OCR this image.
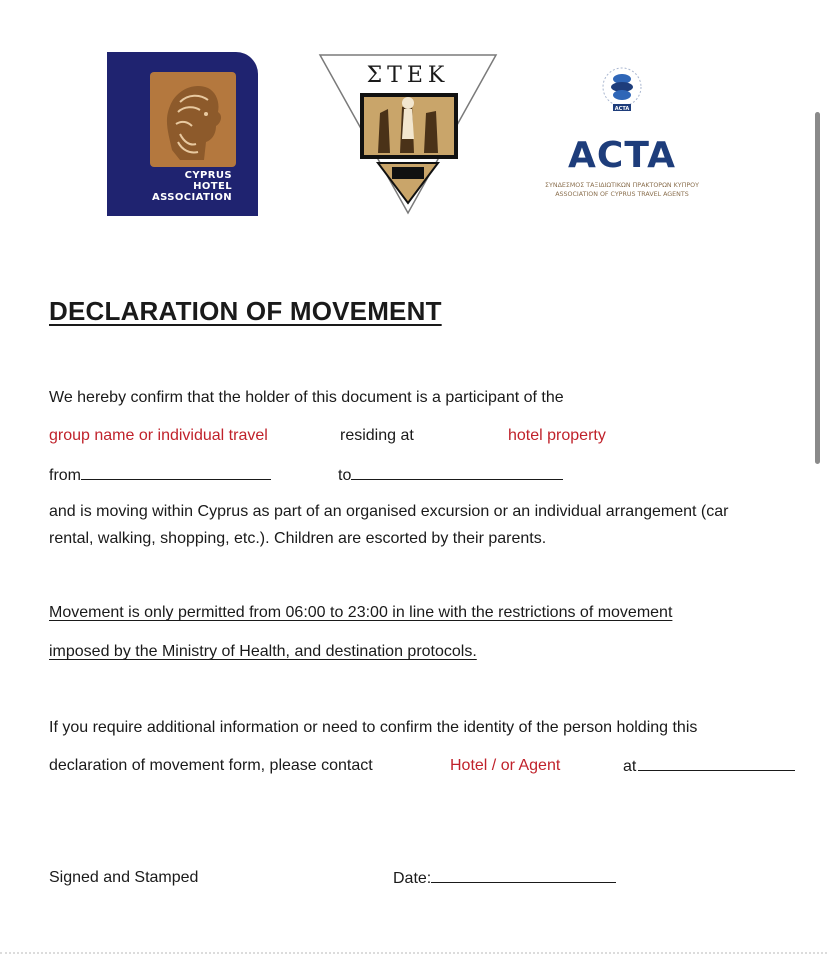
CYPRUS
HOTEL
ASSOCIATION
ΣΤΕΚ
ACTA
ACTA
ΣΥΝΔΕΣΜΟΣ ΤΑΞΙΔΙΩΤΙΚΩΝ ΠΡΑΚΤΟΡΩΝ ΚΥΠΡΟΥ
ASSOCIATION OF CYPRUS TRAVEL AGENTS
DECLARATION OF MOVEMENT
We hereby confirm that the holder of this document is a participant of the
group name or individual travel	residing at	hotel property
from	to
and is moving within Cyprus as part of an organised excursion or an individual arrangement (car
rental, walking, shopping, etc.). Children are escorted by their parents.
Movement is only permitted from 06:00 to 23:00 in line with the restrictions of movement
imposed by the Ministry of Health, and destination protocols.
If you require additional information or need to confirm the identity of the person holding this
declaration of movement form, please contact	Hotel / or Agent	at
Signed and Stamped	Date:
